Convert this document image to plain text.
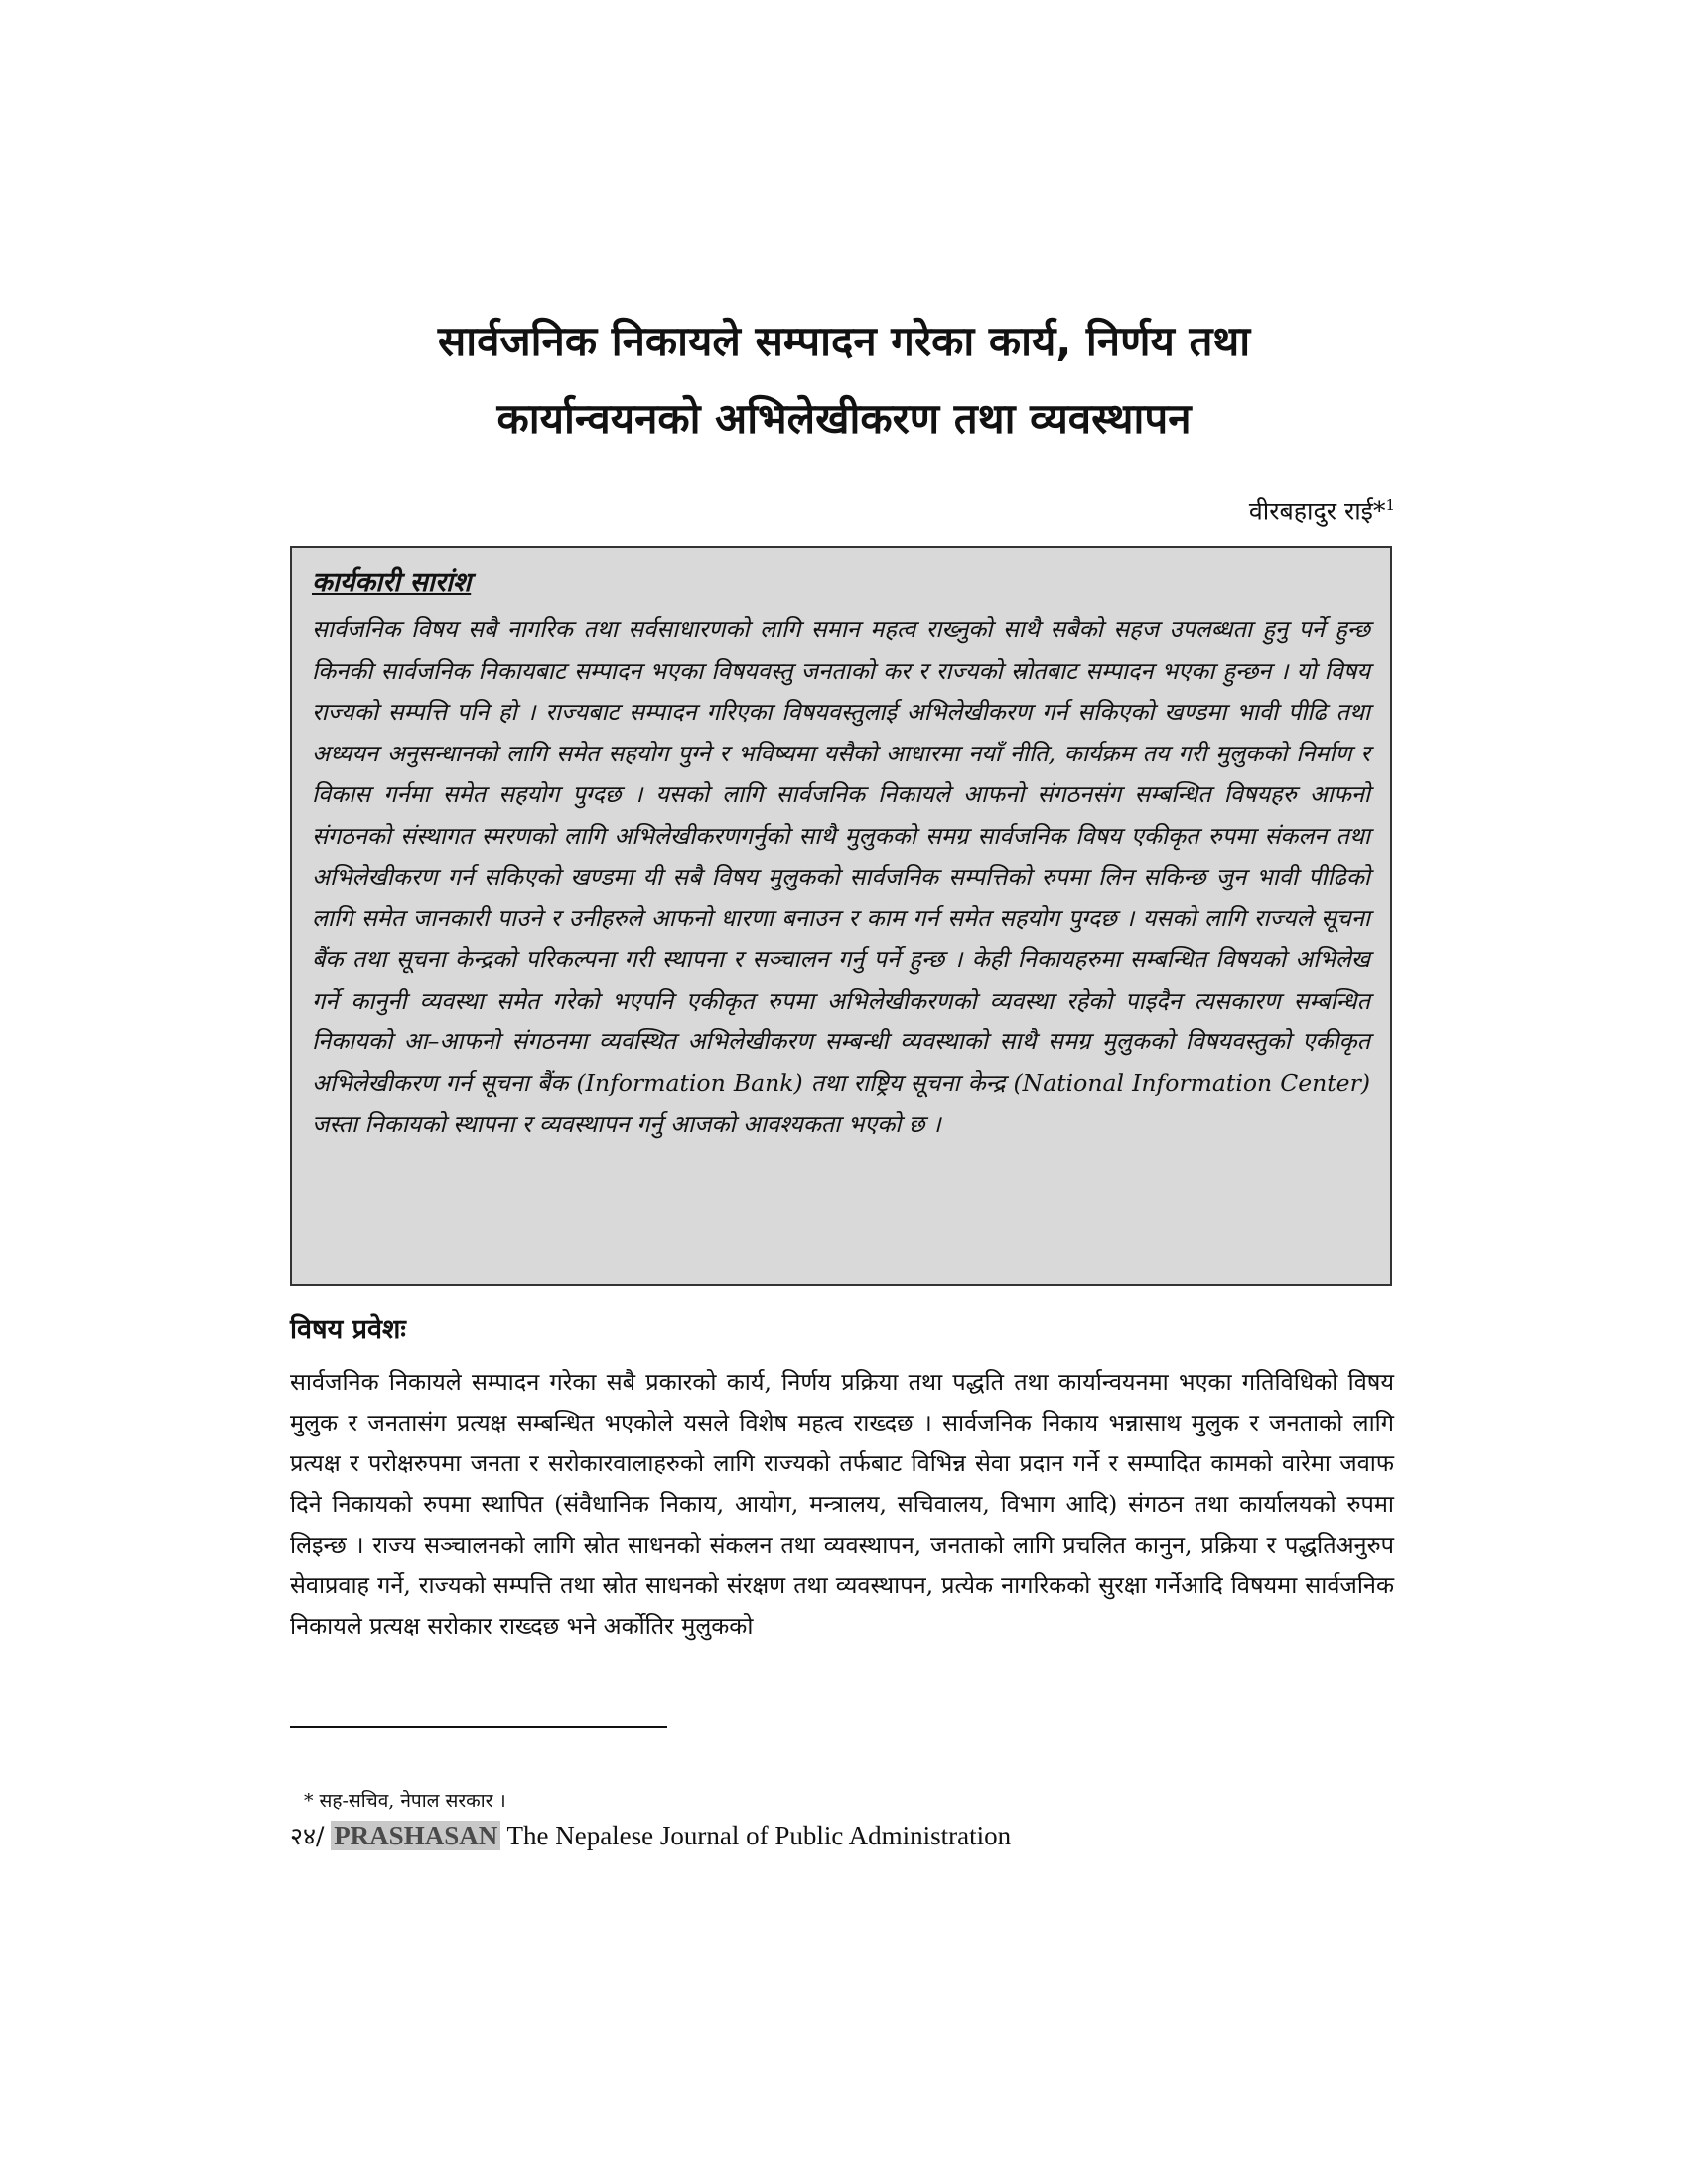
सार्वजनिक निकायले सम्पादन गरेका कार्य, निर्णय तथा
कार्यान्वयनको अभिलेखीकरण तथा व्यवस्थापन
वीरबहादुर राई*$^1$

कार्यकारी सारांश

सार्वजनिक विषय सबै नागरिक तथा सर्वसाधारणको लागि समान महत्व राख्नुको साथै सबैको सहज उपलब्धता हुनु पर्ने हुन्छ किनकी सार्वजनिक निकायबाट सम्पादन भएका विषयवस्तु जनताको कर र राज्यको स्रोतबाट सम्पादन भएका हुन्छन । यो विषय राज्यको सम्पत्ति पनि हो । राज्यबाट सम्पादन गरिएका विषयवस्तुलाई अभिलेखीकरण गर्न सकिएको खण्डमा भावी पीढि तथा अध्ययन अनुसन्धानको लागि समेत सहयोग पुग्ने र भविष्यमा यसैको आधारमा नयाँ नीति, कार्यक्रम तय गरी मुलुकको निर्माण र विकास गर्नमा समेत सहयोग पुग्दछ । यसको लागि सार्वजनिक निकायले आफनो संगठनसंग सम्बन्धित विषयहरु आफनो संगठनको संस्थागत स्मरणको लागि अभिलेखीकरणगर्नुको साथै मुलुकको समग्र सार्वजनिक विषय एकीकृत रुपमा संकलन तथा अभिलेखीकरण गर्न सकिएको खण्डमा यी सबै विषय मुलुकको सार्वजनिक सम्पत्तिको रुपमा लिन सकिन्छ जुन भावी पीढिको लागि समेत जानकारी पाउने र उनीहरुले आफनो धारणा बनाउन र काम गर्न समेत सहयोग पुग्दछ । यसको लागि राज्यले सूचना बैंक तथा सूचना केन्द्रको परिकल्पना गरी स्थापना र सञ्चालन गर्नु पर्ने हुन्छ । केही निकायहरुमा सम्बन्धित विषयको अभिलेख गर्ने कानुनी व्यवस्था समेत गरेको भएपनि एकीकृत रुपमा अभिलेखीकरणको व्यवस्था रहेको पाइदैन त्यसकारण सम्बन्धित निकायको आ–आफनो संगठनमा व्यवस्थित अभिलेखीकरण सम्बन्धी व्यवस्थाको साथै समग्र मुलुकको विषयवस्तुको एकीकृत अभिलेखीकरण गर्न सूचना बैंक (Information Bank) तथा राष्ट्रिय सूचना केन्द्र (National Information Center) जस्ता निकायको स्थापना र व्यवस्थापन गर्नु आजको आवश्यकता भएको छ ।

विषय प्रवेशः

सार्वजनिक निकायले सम्पादन गरेका सबै प्रकारको कार्य, निर्णय प्रक्रिया तथा पद्धति तथा कार्यान्वयनमा भएका गतिविधिको विषय मुलुक र जनतासंग प्रत्यक्ष सम्बन्धित भएकोले यसले विशेष महत्व राख्दछ । सार्वजनिक निकाय भन्नासाथ मुलुक र जनताको लागि प्रत्यक्ष र परोक्षरुपमा जनता र सरोकारवालाहरुको लागि राज्यको तर्फबाट विभिन्न सेवा प्रदान गर्ने र सम्पादित कामको वारेमा जवाफ दिने निकायको रुपमा स्थापित (संवैधानिक निकाय, आयोग, मन्त्रालय, सचिवालय, विभाग आदि) संगठन तथा कार्यालयको रुपमा लिइन्छ । राज्य सञ्चालनको लागि स्रोत साधनको संकलन तथा व्यवस्थापन, जनताको लागि प्रचलित कानुन, प्रक्रिया र पद्धतिअनुरुप सेवाप्रवाह गर्ने, राज्यको सम्पत्ति तथा स्रोत साधनको संरक्षण तथा व्यवस्थापन, प्रत्येक नागरिकको सुरक्षा गर्नेआदि विषयमा सार्वजनिक निकायले प्रत्यक्ष सरोकार राख्दछ भने अर्कोतिर मुलुकको

* सह-सचिव, नेपाल सरकार ।
२४/ PRASHASAN The Nepalese Journal of Public Administration
